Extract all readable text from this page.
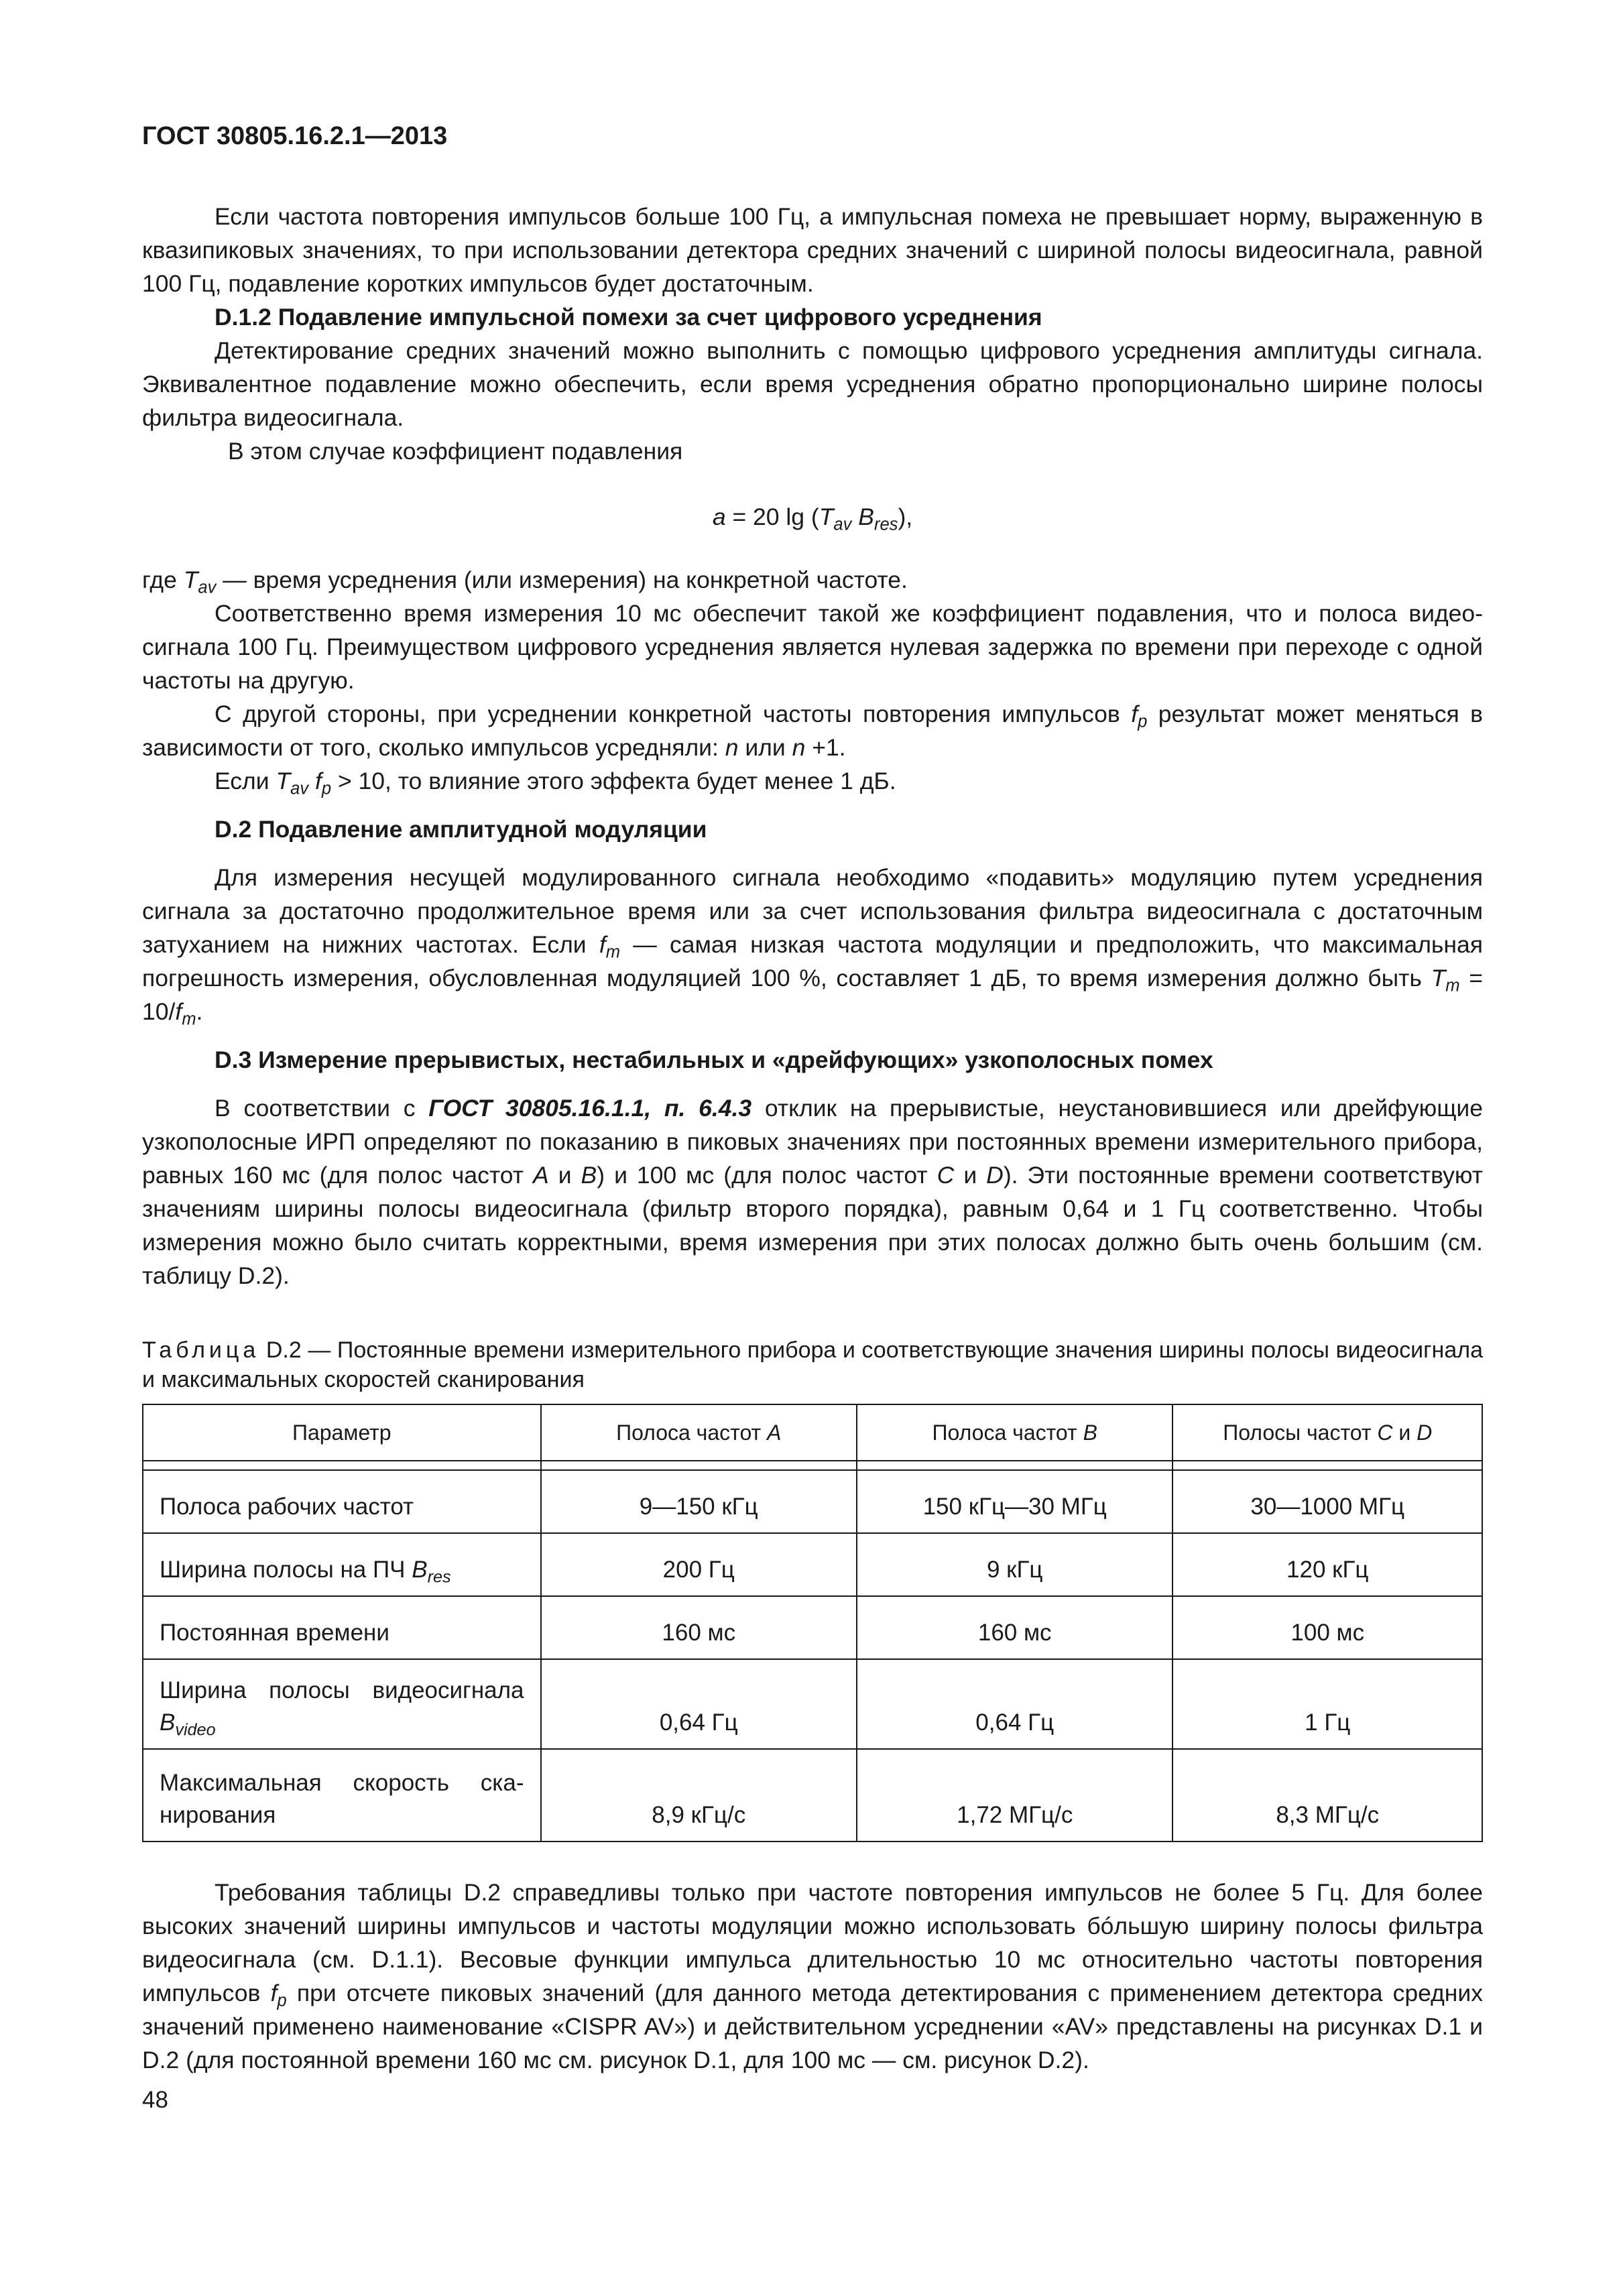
ГОСТ 30805.16.2.1—2013

Если частота повторения импульсов больше 100 Гц, а импульсная помеха не превышает норму, выраженную в квазипиковых значениях, то при использовании детектора средних значений с шириной полосы видеосигнала, равной 100 Гц, подавление коротких импульсов будет достаточным.

D.1.2 Подавление импульсной помехи за счет цифрового усреднения

Детектирование средних значений можно выполнить с помощью цифрового усреднения амплитуды сигнала. Эквивалентное подавление можно обеспечить, если время усреднения обратно пропорционально ширине полосы фильтра видеосигнала.

В этом случае коэффициент подавления

a = 20 $\lg (T_{av}$ $B_{res}$),

где $T_{av}$ — время усреднения (или измерения) на конкретной частоте.

Соответственно время измерения 10 мс обеспечит такой же коэффициент подавления, что и полоса видеосигнала 100 Гц. Преимуществом цифрового усреднения является нулевая задержка по времени при переходе с одной частоты на другую.

С другой стороны, при усреднении конкретной частоты повторения импульсов $f_p$ результат может меняться в зависимости от того, сколько импульсов усредняли: n или n +1.

Если $T_{av}$ $f_p > 10$, то влияние этого эффекта будет менее 1 дБ.

D.2 Подавление амплитудной модуляции

Для измерения несущей модулированного сигнала необходимо «подавить» модуляцию путем усреднения сигнала за достаточно продолжительное время или за счет использования фильтра видеосигнала с достаточным затуханием на нижних частотах. Если $f_m$ — самая низкая частота модуляции и предположить, что максимальная погрешность измерения, обусловленная модуляцией 100 %, составляет 1 дБ, то время измерения должно быть $T_m = 10/f_m$.

D.3 Измерение прерывистых, нестабильных и «дрейфующих» узкополосных помех

В соответствии с ГОСТ 30805.16.1.1, п. 6.4.3 отклик на прерывистые, неустановившиеся или дрейфующие узкополосные ИРП определяют по показанию в пиковых значениях при постоянных времени измерительного прибора, равных 160 мс (для полос частот A и B) и 100 мс (для полос частот C и D). Эти постоянные времени соответствуют значениям ширины полосы видеосигнала (фильтр второго порядка), равным 0,64 и 1 Гц соответственно. Чтобы измерения можно было считать корректными, время измерения при этих полосах должно быть очень большим (см. таблицу D.2).

Таблица D.2 — Постоянные времени измерительного прибора и соответствующие значения ширины полосы видеосигнала и максимальных скоростей сканирования

Параметр	Полоса частот A	Полоса частот B	Полосы частот C и D

Полоса рабочих частот	9—150 кГц	150 кГц—30 МГц	30—1000 МГц
Ширина полосы на ПЧ $B_{res}$	200 Гц	9 кГц	120 кГц
Постоянная времени	160 мс	160 мс	100 мс
Ширина полосы видеосигнала $B_{video}$	0,64 Гц	0,64 Гц	1 Гц
Максимальная скорость сканирования	8,9 кГц/с	1,72 МГц/с	8,3 МГц/с

Требования таблицы D.2 справедливы только при частоте повторения импульсов не более 5 Гц. Для более высоких значений ширины импульсов и частоты модуляции можно использовать бóльшую ширину полосы фильтра видеосигнала (см. D.1.1). Весовые функции импульса длительностью 10 мс относительно частоты повторения импульсов $f_p$ при отсчете пиковых значений (для данного метода детектирования с применением детектора средних значений применено наименование «CISPR AV») и действительном усреднении «AV» представлены на рисунках D.1 и D.2 (для постоянной времени 160 мс см. рисунок D.1, для 100 мс — см. рисунок D.2).

48
